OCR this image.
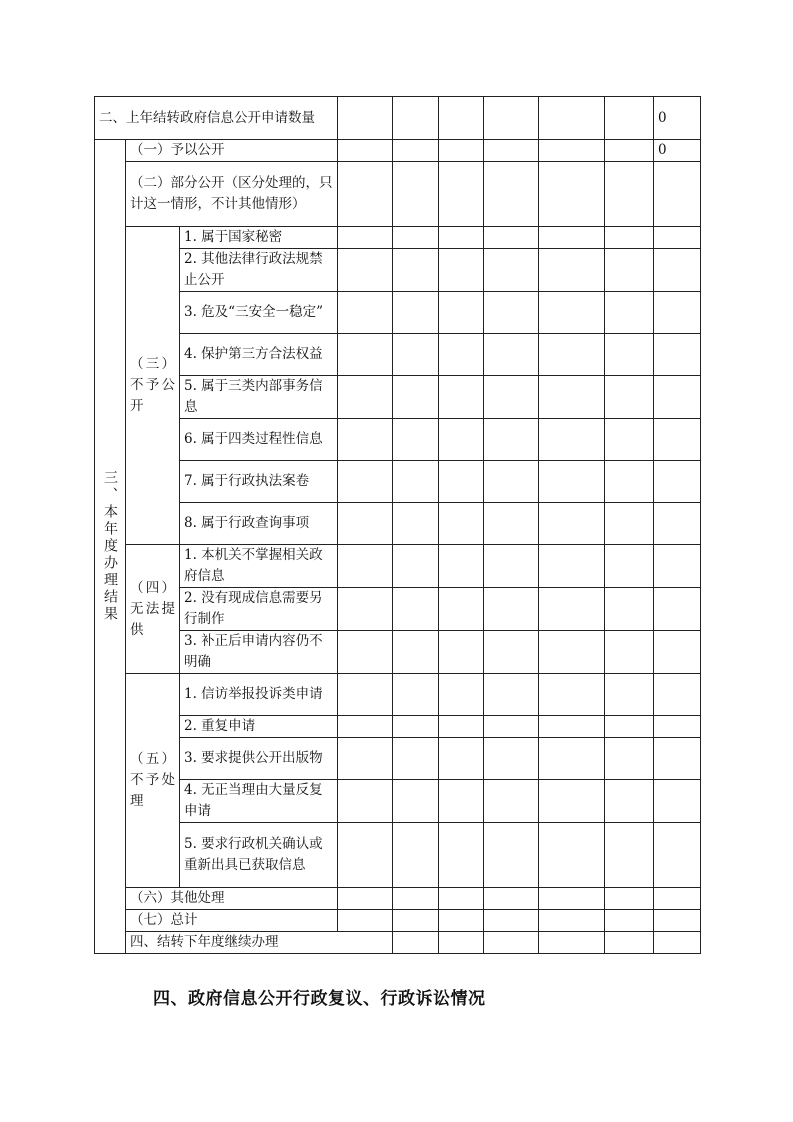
二、上年结转政府信息公开申请数量									0	

三、本年度办理结果	（一）予以公开								0	
	（二）部分公开（区分处理的，只计这一情形，不计其他情形）									

	（三）不予公开	1. 属于国家秘密								
		2. 其他法律行政法规禁止公开								
		3. 危及“三安全一稳定”								
		4. 保护第三方合法权益								
		5. 属于三类内部事务信息								
		6. 属于四类过程性信息								
		7. 属于行政执法案卷								
		8. 属于行政查询事项								

	（四）无法提供	1. 本机关不掌握相关政府信息								
		2. 没有现成信息需要另行制作								
		3. 补正后申请内容仍不明确								

	（五）不予处理	1. 信访举报投诉类申请								
		2. 重复申请								
		3. 要求提供公开出版物								
		4. 无正当理由大量反复申请								
		5. 要求行政机关确认或重新出具已获取信息								
	（六）其他处理									
	（七）总计									
	四、结转下年度继续办理							
四、政府信息公开行政复议、行政诉讼情况
